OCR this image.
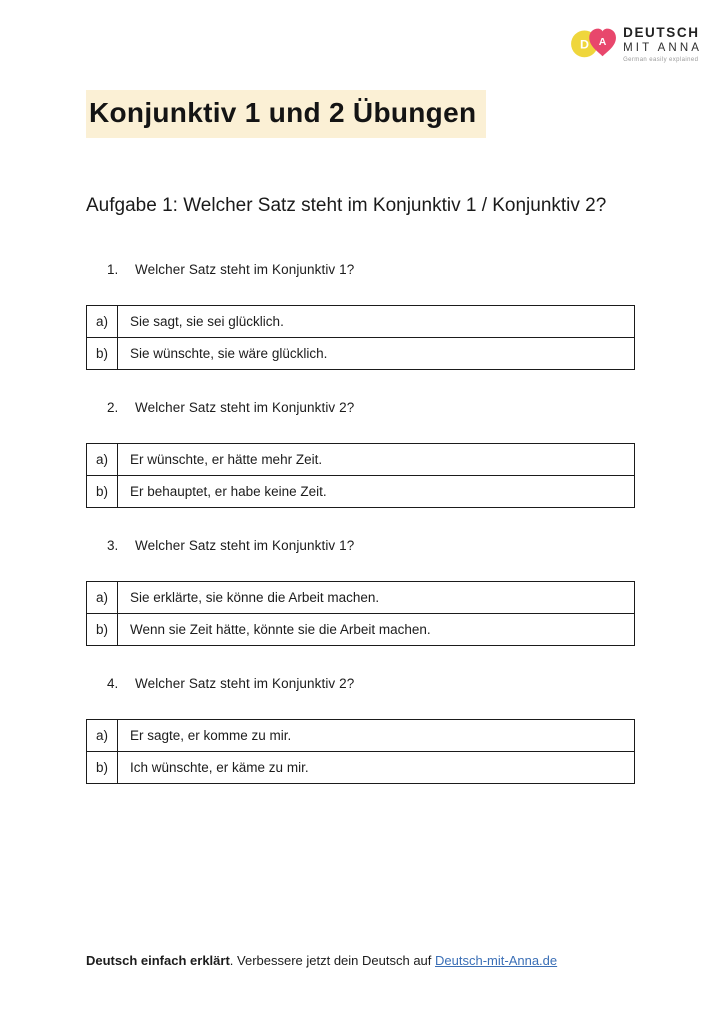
D A
DEUTSCH
MIT ANNA
German easily explained
Konjunktiv 1 und 2 Übungen

Aufgabe 1: Welcher Satz steht im Konjunktiv 1 / Konjunktiv 2?

1.	Welcher Satz steht im Konjunktiv 1?
a)	Sie sagt, sie sei glücklich.
b)	Sie wünschte, sie wäre glücklich.
2.	Welcher Satz steht im Konjunktiv 2?
a)	Er wünschte, er hätte mehr Zeit.
b)	Er behauptet, er habe keine Zeit.
3.	Welcher Satz steht im Konjunktiv 1?
a)	Sie erklärte, sie könne die Arbeit machen.
b)	Wenn sie Zeit hätte, könnte sie die Arbeit machen.
4.	Welcher Satz steht im Konjunktiv 2?
a)	Er sagte, er komme zu mir.
b)	Ich wünschte, er käme zu mir.
Deutsch einfach erklärt. Verbessere jetzt dein Deutsch auf Deutsch-mit-Anna.de
